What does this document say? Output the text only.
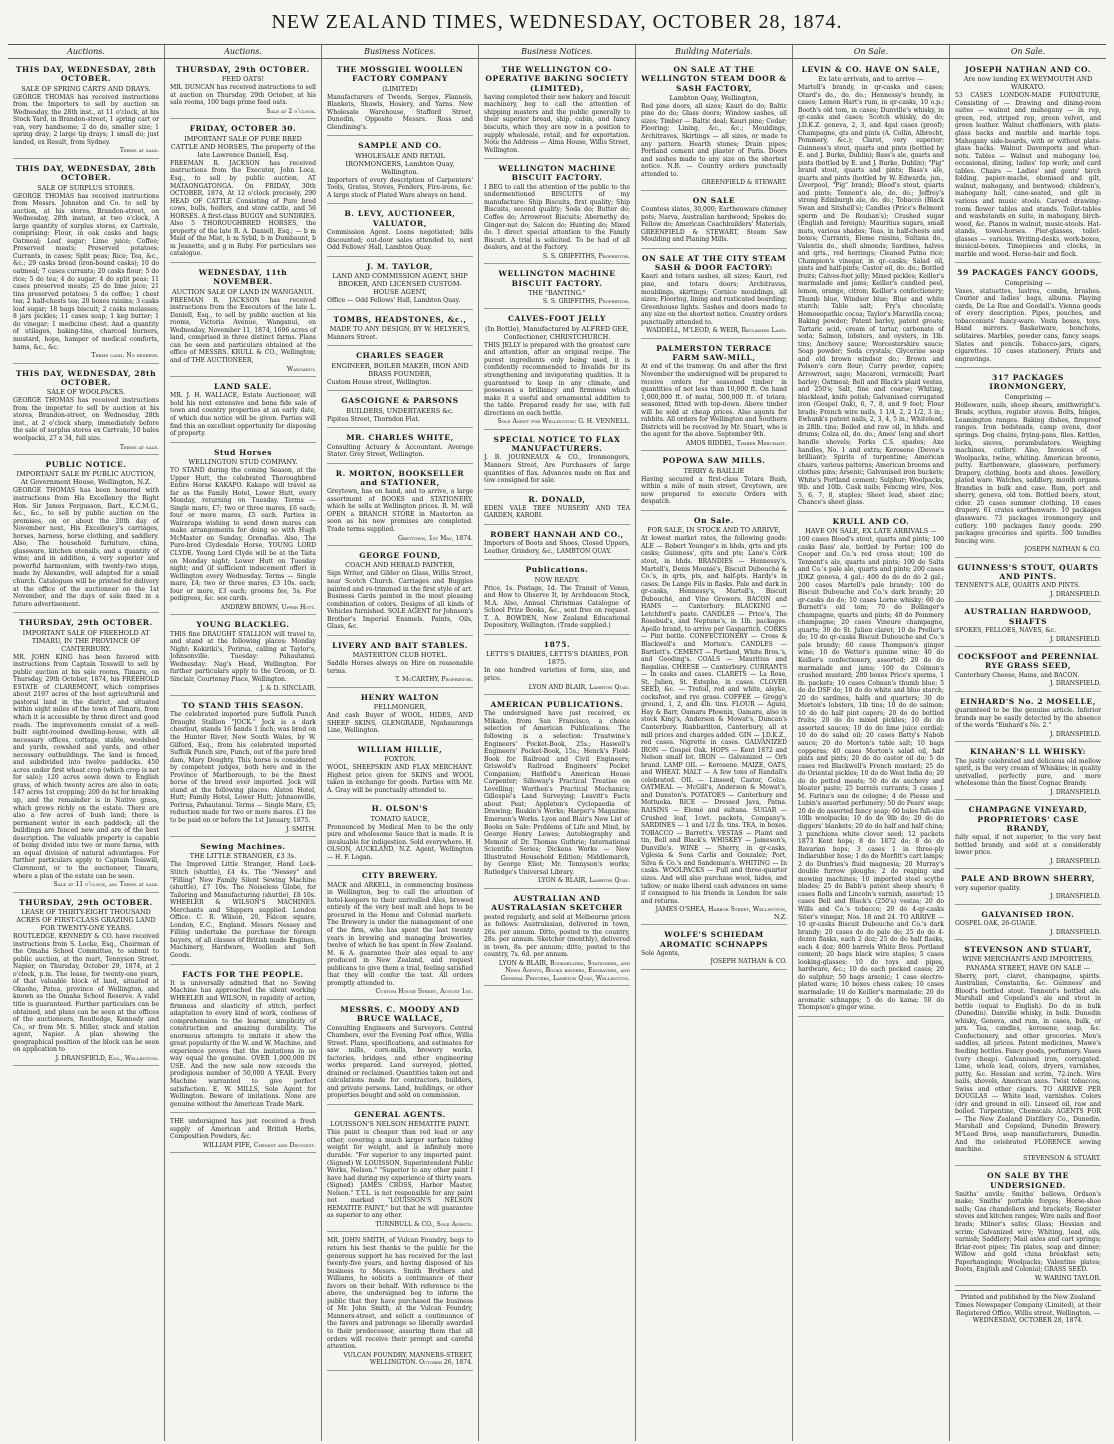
NEW ZEALAND TIMES, WEDNESDAY, OCTOBER 28, 1874.
Auctions.
THIS DAY, WEDNESDAY, 28th OCTOBER.
SALE OF SPRING CARTS AND DRAYS.
GEORGE THOMAS has received instructions from the Importers to sell by auction on Wednesday, the 28th inst., at 11 o'clock, at his Stock Yard, in Brandon-street, 1 spring cart or van, very handsome; 2 do do, smaller size; 1 spring dray; 2 large tip drays; 1 small do; just landed, ex Result, from Sydney.
Terms at sale.
THIS DAY, WEDNESDAY, 28th OCTOBER.
SALE OF SURPLUS STORES.
GEORGE THOMAS has received instructions from Messrs. Johnston and Co. to sell by auction, at his stores, Brandon-street, on Wednesday, 28th instant, at two o'clock, A large quantity of surplus stores, ex Cartvale, comprising: Flour, in oak casks and bags; Oatmeal; Loaf sugar; Lime juice; Coffee; Preserved meats; Preserved potatoes; Currants, in cases; Split peas; Rice; Tea, &c., &c.; 29 casks bread (iron-bound casks); 10 do oatmeal; 7 cases currants; 20 casks flour; 5 do rice; 5 do tea; 4 do sugar; 4 do split peas; 11 cases preserved meats; 25 do lime juice; 21 tins preserved potatoes; 5 do coffee; 1 chest tea; 2 half-chests tea; 20 boxes raisins; 3 casks loaf sugar; 18 bags biscuit; 2 casks molasses; 8 jars pickles; 11 cases soap; 1 keg butter; 1 do vinegar; 1 medicine chest. And a quantity of utilages, baking-tins, charcoal burners, mustard, hops, hamper of medical comforts, hams, &c., &c.
Terms cash. No reserve.
THIS DAY, WEDNESDAY, 28th OCTOBER.
SALE OF WOOLPACKS.
GEORGE THOMAS has received instructions from the importer to sell by auction at his stores, Brandon-street, on Wednesday, 28th inst., at 2 o'clock sharp, immediately before the sale of surplus stores ex Cartvale, 10 bales woolpacks, 27 x 34, full size.
Terms at sale.
PUBLIC NOTICE.
IMPORTANT SALE BY PUBLIC AUCTION, At Government House, Wellington, N.Z.
GEORGE THOMAS has been honored with instructions from His Excellency the Right Hon. Sir James Fergusson, Bart., K.C.M.G., &c., &c., to sell by public auction on the premises, on or about the 20th day of November next, His Excellency's carriages, horses, harness, horse clothing, and saddlery. Also, The household furniture, china, glassware, kitchen utensils, and a quantity of wine; and in addition, a very superior and powerful harmonium, with twenty-two stops, made by Alexandre, well adapted for a small church. Catalogues will be printed for delivery at the office of the auctioneer on the 1st November, and the days of sale fixed in a future advertisement.
THURSDAY, 29th OCTOBER.
IMPORTANT SALE OF FREEHOLD AT TIMARU, IN THE PROVINCE OF CANTERBURY.
MR. JOHN KING has been favored with instructions from Captain Tosswill to sell by public auction at his sale rooms, Timaru, on Thursday, 29th October, 1874, his FREEHOLD ESTATE of CLAREMONT, which comprises about 2197 acres of the best agricultural and pastoral land in the district, and situated within eight miles of the town of Timaru, from which it is accessible by three direct and good roads. The improvements consist of a well-built eight-roomed dwelling-house, with all necessary offices, cottage, stable, woolshed and yards, cowshed and yards, and other necessary outbuildings. The land is fenced, and subdivided into twelve paddocks. 450 acres under first wheat crop (which crop is not for sale); 120 acres sown down to English grass, of which twenty acres are also in oats; 147 acres 1st cropping; 200 do lst for breaking up, and the remainder is in Native grass, which grows richly on the estate. There are also a few acres of bush land; there is permanent water in each paddock; all the buildings are fenced new and are of the best description. The valuable property is capable of being divided into two or more farms, with an equal division of natural advantages. For further particulars apply to Captain Tosswill, Claremont, or to the auctioneer, Timaru, where a plan of the estate can be seen.
Sale at 11 o'clock, am. Terms at sale.
THURSDAY, 29th OCTOBER.
LEASE OF THIRTY-EIGHT THOUSAND ACRES OF FIRST-CLASS GRAZING LAND FOR TWENTY-ONE YEARS.
ROUTLEDGE, KENNEDY & CO. have received instructions from S. Locke, Esq., Chairman of the Omaha School Committee, to submit to public auction, at the mart, Tennyson Street, Napier, on Thursday, October 29, 1874, at 2 o'clock, p.m. The lease, for twenty-one years, of that valuable block of land, situated at Okaoho, Patea, province of Wellington, and known as the Omaha School Reserve. A valid title is guaranteed. Further particulars can be obtained, and plans can be seen at the offices of the auctioneers, Routledge, Kennedy and Co., or from Mr. S. Miller, stock and station agent, Napier. A plan showing the geographical position of the block can be seen on application to
J. DRANSFIELD, Esq., Wellington.
Auctions.
THURSDAY, 29th OCTOBER.
FEED OATS!
MR. DUNCAN has received instructions to sell at auction on Thursday, 29th October, at his sale rooms, 100 bags prime feed oats.
Sale at 2 o'clock.
FRIDAY, OCTOBER 30.
IMPORTANT SALE OF PURE BRED CATTLE AND HORSES, The property of the late Lawrence Daniell, Esq.
FREEMAN R. JACKSON has received instructions from the Executor, John Loca, Esq., to sell by public auction, AT MATAONGATONGA. On FRIDAY, 30th OCTOBER, 1874, At 12 o'clock precisely, 290 HEAD OF CATTLE Consisting of Pure bred cows, bulls, heifers, and store cattle, and 56 HORSES. A first-class BUGGY and SUNDRIES. Also 5 THOROUGHBRED HORSES, the property of the late R. A. Daniell, Esq.; — b m Maid of the Mist, b m Sybil, b m Dumbaunt, b m Jeanette, and g m Ruby. For particulars see catalogue.
WEDNESDAY, 11th NOVEMBER.
AUCTION SALE OF LAND IN WANGANUI.
FREEMAN R. JACKSON has received instructions from the Executors of the late L. Daniell, Esq., to sell by public auction at his rooms, Victoria Avenue, Wanganui, on Wednesday, November 11, 1874, 1696 acres of land, comprised in three distinct farms. Plans can be seen and particulars obtained at the office of MESSRS. KRULL & CO., Wellington; and of THE AUCTIONEER,
Wanganui.
LAND SALE.
MR. J. H. WALLACE, Estate Auctioneer, will hold his next extensive and bona fide sale of town and country properties at an early date, of which due notice will be given. Parties will find this an excellent opportunity for disposing of property.
Stud Horses
WELLINGTON STUD COMPANY.
TO STAND during the coming Season, at the Upper Hutt, the celebrated Thoroughbred Entire Horse KAKAPO. Kakapo will travel as far as the Family Hotel, Lower Hutt, every Monday, returning on Tuesday. Terms — Single mare, £7; two or three mares, £6 each; four or more mares, £5 each. Parties in Wairarapa wishing to send down mares can make arrangements for doing so with Hugh McMaster on Sunday, Grenaflas. Also, The Pure-bred Clydesdale Horse, YOUNG LORD CLYDE. Young Lord Clyde will be at the Taita on Monday night; Lower Hutt on Tuesday night; and (if sufficient inducement offer) in Wellington every Wednesday. Terms — Single mare, £4; two or three mares, £3 10s. each; four or more, £3 each; grooms fee, 5s. For pedigrees, &c. see cards.
ANDREW BROWN, Upper Hutt.
YOUNG BLACKLEG.
THIS fine DRAUGHT STALLION will travel to, and stand at the following places: Monday Night: Kokiriki's, Porirua, calling at Taylor's, Johnsonville. Tuesday: Pahautanui. Wednesday: Nag's Head, Wellington. For further particulars apply to the Groom, or D. Sinclair, Courtenay Place, Wellington.
J. & D. SINCLAIR.
TO STAND THIS SEASON.
The celebrated imported pure Suffolk Punch Draught Stallion "JOCK." Jock is a dark chestnut, stands 16 hands 1 inch; was bred on the Hunter River, New South Wales, by W. Gilford, Esq., from his celebrated imported Suffolk Punch sire, Punch, out of the pure bred dam, Mary Doughty. This horse is considered by competent judges, both here and in the Province of Marlborough, to be the finest horse of the breed ever imported. Jock will stand at the following places: Alston Hotel, Hutt; Family Hotel, Lower Hutt; Johnsonville, Porirua, Pahautanui. Terms — Single Mare, £5; reduction made for two or more mares. £1 fee to be paid on or before the 1st January, 1875.
J. SMITH.
Sewing Machines.
THE LITTLE STRANGER, £3 3s.
The Improved Little Stranger, Hand Lock-Stitch (shuttle), £4 4s. The "Nessey" and "Filling" New Family Silent Sewing Machine (shuttle), £7 10s. The Noiseless Globe, for Tailoring and Manufacturing (shuttle), £8 10s. WHEELER & WILSON'S MACHINES. Merchants and Shippers supplied. London Office: C. R. Wilson, 20, Falcon square, London, E.C., England. Messrs Nessey and Filling undertake the purchase for foreign buyers, of all classes of British made Engines, Machinery, Hardware, Woollen and Soft Goods.
FACTS FOR THE PEOPLE.
It is universally admitted that no Sewing Machine has approached the silent working WHEELER and WILSON, in rapidity of action, firmness and elasticity of stitch, perfect adaptation to every kind of work, coolness of comprehension to the learner, simplicity of construction and amazing durability. The enormous attempts to imitate it show the great popularity of the W. and W. Machine, and experience proves that the imitations in no way equal the genuine. OVER 1,000,000 IN USE. And the new sale now exceeds the prodigious number of 50,000 A YEAR. Every Machine warranted to give perfect satisfaction. E. W. MILLS, Sole Agent for Wellington. Beware of imitations. None are genuine without the American Trade Mark.
THE undersigned has just received a fresh supply of American and British Herbs, Composition Powders, &c.
WILLIAM FIFE, Chemist and Druggist.
Business Notices.
THE MOSSGIEL WOOLLEN FACTORY COMPANY
(LIMITED)
Manufacturers of Tweeds, Serges, Flannels, Blankets, Shawls, Hosiery, and Yarns. New Wholesale Warehouse, Stafford Street, Dunedin, Opposite Messrs. Ross and Glendining's.
SAMPLE AND CO.
WHOLESALE AND RETAIL IRONMONGERS, Lambton Quay, Wellington.
Importers of every description of Carpenters' Tools, Grates, Stoves, Fenders, Fire-irons, &c. A large stock of Plated Ware always on hand.
B. LEVY, AUCTIONEER, VALUATOR,
Commission Agent. Loans negotiated; bills discounted; out-door sales attended to, next Odd Fellows' Hall, Lambton Quay.
J. M. TAYLOR,
LAND AND COMMISSION AGENT, SHIP BROKER, AND LICENSED CUSTOM-HOUSE AGENT,
Office — Odd Fellows' Hall, Lambton Quay.
TOMBS, HEADSTONES, &c.,
MADE TO ANY DESIGN, BY W. HELYER'S,
Manners Street.
CHARLES SEAGER
ENGINEER, BOILER MAKER, IRON AND BRASS FOUNDER,
Custom House street, Wellington.
GASCOIGNE & PARSONS
BUILDERS, UNDERTAKERS &c.
Pipitea Street, Thorndon Flat.
MR. CHARLES WHITE,
Consulting Actuary & Accountant. Average Stater. Grey Street, Wellington.
R. MORTON, BOOKSELLER and STATIONER,
Greytown, has on hand, and to arrive, a large assortment of BOOKS and STATIONERY, which he sells at Wellington prices. R. M. will OPEN a BRANCH STORE in Masterton as soon as his new premises are completed. Trade terms supplied.
Greytown, 1st May, 1874.
GEORGE FOUND,
COACH AND HERALD PAINTER,
Sign Writer, and Gilder on Glass, Willis Street, near Scotch Church. Carriages and Buggies painted and re-trimmed in the first style of art. Business Cards painted in the most pleasing combination of colors. Designs of all kinds of Vehicles furnished. SOLE AGENT for Johnson's Brother's Imperial Enamels. Paints, Oils, Glass, &c.
LIVERY AND BAIT STABLES.
MASTERTON CLUB HOTEL.
Saddle Horses always on Hire on reasonable terms.
T. McCARTHY, Proprietor.
HENRY WALTON
FELLMONGER,
And cash Buyer of WOOL, HIDES, AND SHEEP SKINS, GLENGRADE, Ngahauranga Line, Wellington.
WILLIAM HILLIE,
FOXTON.
WOOL, SHEEPSKIN AND FLAX MERCHANT. Highest price given for SKINS and WOOL taken in exchange for goods. Parties with Mr. A. Gray will be punctually attended to.
H. OLSON'S
TOMATO SAUCE,
Pronounced by Medical Men to be the only pure and wholesome Sauce that is made. It is invaluable for indigestion. Sold everywhere. H. OLSON, AUCKLAND, N.Z. Agent, Wellington — H. F. Logan.
CITY BREWERY.
MACK and ARKELL, in commencing business in Wellington, beg to call the attention of hotel-keepers to their unrivalled Ales, brewed entirely of the very best malt and hops to be procured in the Home and Colonial markets. The Brewery is under the management of one of the firm, who has spent the last twenty years in brewing and managing breweries, twelve of which he has spent in New Zealand. M. & A. guarantee their ales equal to any produced in New Zealand, and request publicans to give them a trial, feeling satisfied that they will confer the test. All orders promptly attended to.
Custom House Street, August 1st.
MESSRS. C. MOODY AND BRUCE WALLACE,
Consulting Engineers and Surveyors. Central Chambers, over the Evening Post office, Willis Street. Plans, specifications, and estimates for saw mills, corn-mills, brewery works, factories, bridges, and other engineering works prepared. Land surveyed, plotted, drained or reclaimed. Quantities taken out and calculations made for contractors, builders, and private persons. Land, buildings, or other properties bought and sold on commission.
GENERAL AGENTS.
LOUISSON'S NELSON HEMATITE PAINT.
This paint is cheaper than red lead or any other, covering a much larger surface taking weight for weight, and is infinitely more durable. "For superior to any imported paint. (Signed) W. LOUISSON, Superintendent Public Works, Nelson." "Superior to any other paint I have had during my experience of thirty years. (Signed) JAMES CROSS, Harbor Master, Nelson." T.T.L. is not responsible for any paint not marked "LOUISSON'S NELSON HEMATITE PAINT," but that he will guarantee as superior to any other.
TURNBULL & CO., Sole Agents.
MR. JOHN SMITH, of Vulcan Foundry, begs to return his best thanks to the public for the generous support he has received for the last twenty-five years, and having disposed of his business to Messrs. Smith Brothers and Williams, he solicits a continuance of their favors on their behalf. With reference to the above, the undersigned beg to inform the public that they have purchased the business of Mr. John Smith, at the Vulcan Foundry, Manners-street, and solicit a continuance of the favors and patronage so liberally awarded to their predecessor, assuring them that all orders will receive their prompt and careful attention.
VULCAN FOUNDRY, MANNERS-STREET, WELLINGTON. October 26, 1874.
Business Notices.
THE WELLINGTON CO-OPERATIVE BAKING SOCIETY (LIMITED),
having completed their new bakery and biscuit machinery, beg to call the attention of shipping masters and the public generally to their superior bread, ship, cabin, and fancy biscuits, which they are now in a position to supply wholesale, retail, and for exportation. Note the Address — Alma House, Willis Street, Wellington.
WELLINGTON MACHINE BISCUIT FACTORY.
I BEG to call the attention of the public to the undermentioned BISCUITS of my manufacture: Ship Biscuits, first quality; Ship Biscuits, second quality; Soda do; Butter do; Coffee do; Arrowroot Biscuits; Abernethy do; Ginger-nut do; Salcon do; Hunting do; Mixed do. I direct special attention to the Family Biscuit. A trial is solicited. To be had of all dealers, and at the Factory.
S. S. GRIFFITHS, Proprietor.
WELLINGTON MACHINE BISCUIT FACTORY.
THE "BANTING."
S. S. GRIFFITHS, Proprietor.
CALVES-FOOT JELLY
(In Bottle), Manufactured by ALFRED GEE, Confectioner, CHRISTCHURCH.
THIS JELLY is prepared with the greatest care and attention, after an original recipe. The purest ingredients only being used, it is confidently recommended to Invalids for its strengthening and invigorating qualities. It is guaranteed to keep in any climate, and possesses a brilliancy and firmness which make it a useful and ornamental addition to the table. Prepared ready for use, with full directions on each bottle.
Sole Agent for Wellington: G. H. VENNELL.
SPECIAL NOTICE TO FLAX MANUFACTURERS.
J. B. JOURNEAUX & CO., Ironmongers, Manners Street, Are Purchasers of large quantities of flax. Advances made on flax and tow consigned for sale.
R. DONALD,
EDEN VALE TREE NURSERY AND TEA GARDEN, KAROBI.
ROBERT HANNAH AND CO.,
Importers of Boots and Shoes, Closed Uppers, Leather, Grindery, &c., LAMBTON QUAY.
Publications.
NOW READY.
Price, 1s. Postage, 1d. The Transit of Venus, and How to Observe It, by Archdeacon Stock, M.A. Also, Annual Christmas Catalogue of School Prize Books, &c., sent free on request. T. A. BOWDEN, New Zealand Educational Depository, Wellington. (Trade supplied.)
1875.
LETTS'S DIARIES, LETTS'S DIARIES, FOR 1875.
In one hundred varieties of form, size, and price.
LYON AND BLAIR, Lambton Quay.
AMERICAN PUBLICATIONS.
The undersigned have just received, ex Mikado, from San Francisco, a choice selection of American Publications. The following is a selection: Trautwine's Engineers' Pocket-Book, 25s.; Haswell's Engineers' Pocket-Book, 15s.; Henck's Field-Book for Railroad and Civil Engineers; Griswold's Railroad Engineers' Pocket Companion; Hatfield's American House Carpenter; Silloway's Practical Treatise on Levelling; Worthen's Practical Mechanics; Gillespie's Land Surveying; Leavitt's Facts about Peat; Appleton's Cyclopaedia of Drawing; Ruskin's Works; Harper's Magazine; Emerson's Works. Lyon and Blair's New List of Books on Sale: Problems of Life and Mind, by George Henry Lewes; Autobiography and Memoir of Dr. Thomas Guthrie; International Scientific Series; Dickens Works — New Illustrated Household Edition; Middlemarch, by George Eliot; Mr. Tennyson's works; Rutledge's Universal Library.
LYON & BLAIR, Lambton Quay.
AUSTRALIAN AND AUSTRALASIAN SKETCHER
posted regularly, and sold at Melbourne prices as follows: Australasian, delivered in town, 26s. per annum. Ditto, posted to the country, 28s. per annum. Sketcher (monthly), delivered in town, 8s. per annum; ditto, posted to the country, 7s. 6d. per annum.
LYON & BLAIR, Booksellers, Stationers, and News Agents, Books binders, Engravers, and General Printers, Lambton Quay, Wellington.
Building Materials.
ON SALE AT THE WELLINGTON STEAM DOOR & SASH FACTORY,
Lambton Quay, Wellington,
Red pine doors, all sizes; Kauri do do; Baltic pine do do; Glass doors; Window sashes, all sizes; Timber — Baltic deal; Kauri pine; Cedar; Flooring; Lining, &c., &c.; Mouldings, Architraves, Skirtings — all sizes, or made to any pattern. Hearth stones; Drain pipes; Portland cement and plaster of Paris. Doors and sashes made to any size on the shortest notice. N.B. — Country orders punctually attended to.
GREENFIELD & STEWART.
ON SALE
Countess slates, 30,000; Earthenware chimney pots; Narva, Australian hardwood; Spokes do; Fellow do; American Coachbuilders' Materials, GREENFIELD & STEWART, Steam Saw Moulding and Planing Mills.
ON SALE AT THE CITY STEAM SASH & DOOR FACTORY:
Kauri and totara sashes, all sizes; Kauri, red pine, and totara doors; Architraves, mouldings, skirtings; Cornice mouldings, all sizes; Flooring, lining and rusticated boarding; Greenhouse lights. Sashes and doors made to any size on the shortest notice. Country orders punctually attended to.
WADDELL, M'LEOD, & WEIR, Reclaimed Land.
PALMERSTON TERRACE FARM SAW-MILL,
At end of the tramway. On and after the first November the undersigned will be prepared to receive orders for seasoned timber in quantities of not less than 10,000 ft. On hand 1,000,000 ft. of matai, 500,000 ft. of totara; seasoned, fitted with top-down. Above timber will be sold at cheap prices. Also agents for rabbits. All orders for Wellington and Southern Districts will be received by Mr. Stuart, who is the agent for the above. September 9th.
AMOS RIDDEL, Timber Merchant.
POPOWA SAW MILLS.
TERRY & BAILLIE
Having secured a first-class Totara Bush, within a mile of main street, Greytown, are now prepared to execute Orders with despatch.
On Sale.
FOR SALE, IN STOCK AND TO ARRIVE,
At lowest market rates, the following goods: ALE — Robert Younger's in hhds, qrts and pts casks; Guinness', qrts and pts; Lane's Cork stout, in hhds. BRANDIES — Hennessy's, Martell's, Denis Mounié's, Biscuit Dubouché & Co.'s, in qrts, pts, and half-pts. Hardy's in cases. De Lange Fils in flasks. Pale and dark in qr-casks, Hennessy's, Martell's, Biscuit Dubouché, and Vine Growers. BACON and HAMS — Canterbury. BLACKING — Letchford's paste. CANDLES — Price's, The Rosebud's, and Neptune's, in 1lb. packages. Apollo brand, to arrive per Gasparitch. CORKS — Pint bottle. CONFECTIONERY — Cross & Blackwell's and Morton's. CANDLES — Bartlett's. CEMENT — Portland, White Bros.'s, and Gooding's. COALS — Mauritius and Regalias. CHEESE — Canterbury. CURRANTS — In casks and cases. CLARETS — La Rose, St. Julien, St. Estephe, in cases. CLOVER SEED, &c. — Trefoil, red and white, alsyke, cocksfoot, and rye grass. COFFEE — Gregg's ground, 1, 2, and 4lb. tins. FLOUR — Aguni, Hay & Barr, Oamaru Phoenix, Oamaru, also in stock King's, Anderson & Mowat's, Duncan's Canterbury. Riabbarilton, Canterbury, all at mill prices and charges added. GIN — J.D.K.Z., red cases. Nigrette in cases. GALVANIZED IRON — Gospel Oak. HOPS — Kent 1872 and Nelson small lot. IRON — Galvanized — Orb brand. LAMP OIL — Kerosene. MAIZE, OATS, and WHEAT. MALT — A few tons of Randall's celebrated. OIL — Linseed, Castor, Colza. OATMEAL — McGill's, Anderson & Mowat's, and Dunston's. POTATOES — Canterbury and Mottueka. RICE — Dressed Java, Patna. RAISINS — Elemé and sultana. SUGAR — Crushed loaf, 1cwt. packets, Company's. SARDINES — 1 and 1/2 lb. tins. TEA, in boxes. TOBACCO — Barrett's. VESTAS — Plaint and tin, Bell and Black's. WHISKEY — Jameson's, Dunville's. WINE — Sherry, in qr-casks, Vglesia & Sons Carlis and Gonzalez; Port, Silva & Co.'s and Sandeman's. WHITING — In casks. WOOLPACKS — Full and three-quarter sizes. And will also purchase wool, hides, and tallow; or make liberal cash advances on same if consigned to his friends in London for sale and returns.
JAMES O'SHEA, Harbor Street, Wellington, N.Z.
WOLFE'S SCHIEDAM AROMATIC SCHNAPPS
Sole Agents,
JOSEPH NATHAN & CO.
On Sale.
LEVIN & CO. HAVE ON SALE,
Ex late arrivals, and to arrive —
Martell's brandy, in qr-casks and cases; Otard's do., do. do.; Hennessy's brandy, in cases; Lemon Hart's rum, in qr-casks, 10 o.p.; Booth's old tom, in cases; Dunville's whisky, in qr-casks and cases; Scotch whisky, do do; J.D.K.Z. geneva, 2, 3, and 4gal cases (proof); Champagne, qts and pints (A. Collin, Albrecht, Pommery, &c.); Claret, very superior; Guinness's stout, quarts and pints (bottled by E. and J. Burke, Dublin); Bass's ale, quarts and pints (bottled by E. and J. Burke, Dublin); "Pig" brand stout, quarts and pints; Bass's ale, quarts and pints (bottled by W. Edwards, jun., Liverpool, "Pig" brand); Blood's stout, quarts and pints; Tennent's ale, do. do.; Jeffrey's strong Edinburgh ale, do. do.; Tobacco (Black Swan and Sitshell's); Candles (Price's Belmont sperm and De Rouban's); Crushed sugar (English and foreign); Mauritius sugars, small mats, various shades; Teas, in half-chests and boxes; Currants, Eleme raisins, Sultana do., Valentia do., shell almonds; Sardines, halves and qrts., red herrings; Cleaned Patna rice; Champion's vinegar, in qr.-casks; Salad oil, pints and half-pints; Castor oil, do. do.; Bottled fruits; Calves-foot jelly; Mixed pickles; Keiller's marmalade and jams; Keiller's candied peel, lemon, orange, citron; Keiller's confectionery; Thumb blue, Windsor blue; Blue and white starch; Table salt; Fry's chocolate; Homoeopathic cocoa; Taylor's Maravilla cocoa; Baking powder; Patent barley, patent groats; Tartaric acid, cream of tartar, carbonate of soda; Salmon, lobsters, and oysters, in 1lb. tins; Anchovy sauce; Worcestershire sauce; Soap powder; Soda crystals; Glycerine soap and old brown windsor do.; Brown and Polson's corn flour; Curry powder, capers; Arrowroot, sago; Macaroni, vermicelli; Pearl barley; Oatmeal; Bell and Black's plaid vestas, and 250's; Salt, fine and coarse; Whiting, blacklead, knife polish; Galvanised corrugated iron (Gospel Oak), 6, 7, 8, and 9 feet; Flour brads; French wire nails, 1 1/4, 2, 2 1/2, 3 in.; Ewbank's patent nails, 2, 3, 4, 5 in.; Whitelead, in 28lb. tins; Boiled and raw oil, in hhds. and drums; Colza oil, do. do.; Ames' long and short handle shovels; Forks C.S. spades; Axe handles, No. 1 and extra; Kerosene (Devoe's brilliant); Spirits of turpentine; American chairs, various patterns; American brooms and clothes pins; Arsenic; Galvanised iron buckets; White's Portland cement; Sulphur; Woolpacks, 9lb. and 10lb. Cask nails; Fencing wire, Nos. 5, 6, 7, 8, staples; Sheet lead, sheet zinc; Chance's sheet glass.
KRULL AND CO.
HAVE ON SALE, EX LATE ARRIVALS —
100 cases Blood's stout, quarts and pints; 100 casks Bass' ale, bottled by Porter; 100 do Cooper and Co.'s red cross stout; 100 do Tennent's ale, quarts and pints; 100 do Salts and Co.'s pale ale, quarts and pints; 200 cases JDKZ geneva, 4 gal.; 400 do do do do 2 gal.; 200 cases Martell's pale brandy; 100 do Biscuit Dubouche and Co.'s dark brandy; 20 qr-casks do do; 10 cases Lorne whisky; 60 do Burnett's old tom; 70 do Bollinger's champagne, quarts and pints; 40 do Pommery champagne; 20 cases Vineure champagne, quarts; 30 do St. Julien claret; 10 do Preller's do; 10 do qr-casks Biscuit Dubouche and Co.'s pale brandy; 60 cases Thompson's ginger wine; 10 do Wetter's quinine wine; 40 do Keiller's confectionery, assorted; 20 do do marmalade and jams; 100 do Colman's crushed mustard; 200 boxes Price's sperms, 1 lb. packets; 10 cases Colman's thumb blue; 5 do do DSF do; 10 do do white and blue starch; 20 do sardines, halfs and quarters; 30 do Morton's lobsters, 1lb tins; 10 do do salmon; 10 do do half pint capers; 20 do do bottled fruits; 20 do do mixed pickles; 10 do do assorted sauces; 10 do do lime juice cordial; 10 do do salad oil; 20 cases Batty's Nabob sauce; 20 do Morton's table salt; 10 bags copperas; 40 cases Morton's salad oil, half pints and pints; 20 do do castor oil do; 5 do cases red Blackwell's French mustard; 25 do do Oriental pickles; 10 do do West India do; 20 do do potted meats; 50 do do anchovy and bloater paste; 25 barrels currants; 3 cases J. M. Farina's eau de cologne; 4 do Piesse and Lubin's assorted perfumery; 50 do Pears' soap; 20 do do assorted fancy soap; 60 bales full-size 10lb woolpacks; 10 do do 9lb do; 20 do do diggers' blankets; 20 do do half and half china; 3 punchions white clover seed; 12 packets 1873 Kent hops; 8 do 1872 do; 8 do do Bavarian hops; 3 cases 1 in three-ply Indiarubber hose; 1 do do Morfitt's cart lamps; 2 do Dunfries's fluid magnesia; 20 Murray's double furrow ploughs; 2 do reaping and mowing machines; 10 imported steel scythe blades; 25 do Babb's patent sheep shears; 6 cases Rolls and Lincoln's varnish, assorted; 15 cases Bell and Black's (250's) vestas; 20 do Wills and Co.'s tobacco; 20 do 4-qr-casks Siter's vinegar, Nos. 18 and 24. TO ARRIVE — 10 qr-casks Biscuit Dubouche and Co.'s dark brandy; 20 cases do do pale do; 25 do do 4-dozen flasks, each 2 doz; 25 do do half flasks, each 4 doz; 800 barrels White Bros. Portland cement; 20 bags black wire staples; 5 cases looking-glasses; 10 do toys and pipes, hardware, &c.; 10 do each pecked cases; 20 do sulphur; 50 bags arsenic; 1 case electro-plated ware; 10 boxes chess cakes; 10 cases marmalade; 10 do Keiller's marmalade; 20 do aromatic schnapps; 5 do do kama; 50 do Thompson's ginger wine.
On Sale.
JOSEPH NATHAN AND CO.
Are now landing EX WEYMOUTH AND WAIKATO.
53 CASES LONDON-MADE FURNITURE, Consisting of — Drawing and dining-room suites — walnut and mahogany — in rep, green, red, striped rep, green velvet, and green leather. Walnut cheffoniers, with plate-glass backs and marble and marble tops. Mahogany side-boards, with or without plate-glass backs. Walnut Davenports and what-nots. Tables — Walnut and mahogany loo, occasional, dining, ladies' top work; and card tables. Chairs — Ladies' and gents' birch folding, papier-maché, ebonised and gilt, walnut, mahogany, and bentwood; children's, mahogany hall, cane-seated, and gilt in various and music stools. Carved drawing-room flower tables and stands. Toilet-tables and washstands en suite, in mahogany, birch-wood, &c. Pianos in walnut, music-stools. Hat-stands, towel-horses. Pier-glasses, toilet-glasses — various. Writing-desks, work-boxes, musical-boxes. Timepieces and clocks, in marble and wood. Horse-hair and flock.
59 PACKAGES FANCY GOODS,
Comprising —
Vases, statuettes, lustres, combs, brushes. Courier and ladies' bags, albums. Playing cards, De La Rue and Goodall's. Vienna goods of every description. Pipes, pouches, and tobacconists' fancy-ware. Vesta boxes, toys. Hand mirrors. Basketware, bonchons, solitaires. Marbles, powder cans, fancy soaps. Slates and pencils. Tobacco-jars, cigars, cigarettes. 10 cases stationery. Prints and engravings.
317 PACKAGES IRONMONGERY,
Comprising —
Holloware, nails, sheep shears, smithwright's. Brads, scythes, register stoves. Bolts, hinges, Leamington ranges. Baking dishes, fireproof ranges. Iron bedsteads, camp ovens, door springs. Dog chains, frying-pans, files. Kettles, locks, sieves, perambulators. Weighing machines, cutlery. Also, Invoices of — Woolpacks, twine, whiting. American brooms, putty. Earthenware, glassware, perfumery. Drapery, clothing, boots and shoes. Jewellery, plated ware. Watches, saddlery, mouth organs. Brandies in bulk and case. Rum, port and sherry, geneva, old tom. Bottled beers, stout, cider. 25 cases summer clothing. 10 cases drapery. 61 crates earthenware. 10 packages glassware. 73 packages ironmongery and cutlery. 100 packages fancy goods. 290 packages groceries and spirits. 300 bundles fencing wire.
JOSEPH NATHAN & CO.
GUINNESS'S STOUT, QUARTS AND PINTS.
TENNENT'S ALE, QUARTS AND PINTS.
J. DRANSFIELD.
AUSTRALIAN HARDWOOD, SHAFTS
SPOKES, FELLOES, NAVES, &c.
J. DRANSFIELD.
COCKSFOOT and PERENNIAL RYE GRASS SEED,
Canterbury Cheese, Hams, and BACON.
J. DRANSFIELD.
EINHARD'S No. 2 MOSELLE,
guaranteed to be the genuine article. Inferior brands may be easily detected by the absence of the words "Einhard's No. 2."
J. DRANSFIELD.
KINAHAN'S LL WHISKY:
The justly celebrated and delicious old mellow spirit, is the very cream of Whiskies; in quality unrivalled, perfectly pure, and more wholesome than the finest Cognac Brandy.
J. DRANSFIELD.
CHAMPAGNE VINEYARD, PROPRIETORS' CASE BRANDY,
fully equal, if not superior, to the very best bottled brandy, and sold at a considerably lower price.
J. DRANSFIELD.
PALE AND BROWN SHERRY,
very superior quality.
J. DRANSFIELD.
GALVANISED IRON.
GOSPEL OAK, 26-GUAGE.
J. DRANSFIELD.
STEVENSON AND STUART,
WINE MERCHANTS AND IMPORTERS, PANAMA STREET, HAVE ON SALE —
Sherry, port, claret, champagne, spirits. Australian, Constantia, &c. Guinness' and Blood's bottled stout. Tennent's bottled ale. Marshall and Copeland's ale and stout in bottle (equal to English). Do do in bulk (Dunedin). Danville whisky, in bulk. Dunedin whisky, Geneva, and rum, in cases, bulk, or jars. Tea, candles, kerosene, soap, &c. Confectionery, and other groceries. Men's saddles, all prices. Patent medicines, Mawe's feeding bottles. Fancy goods, perfumery. Vases (very cheap). Galvanised iron, corrugated. Lime, whole lead, colors, dryers, varnishes, putty, &c. Hessian and scrim, 72-inch. Wire nails, shovels, American axes. Twist tobaccos, Swiss and other cigars. TO ARRIVE PER DOUGLAS — White lead, varnishes. Colors (dry and ground in oil). Linseed oil, raw and boiled. Turpentine, Chemicals. AGENTS FOR — The New Zealand Distillery Co., Dunedin. Marshall and Copeland, Dunedin Brewery. M'Leod Bros, soap manufacturers, Dunedin. And the celebrated FLORENCE sewing machine.
STEVENSON & STUART.
ON SALE BY THE UNDERSIGNED.
Smiths' anvils; Smiths' bellows, Ordson's make; Smiths' portable forges; Horse-shoe nails; Gas chandeliers and brackets; Register stoves and kitchen ranges; Wire nails and floor brads; Milner's safes; Glass; Hessian and scrim; Galvanized wire; Whiting, lead, oils, varnish; Saddlery; Mail axles and cart springs; Briar-root pipes; Tin plates, soap and dinner; Willow and gold china breakfast sets; Paperhangings; Woolpacks; Valentine plates; Boots, English and Colonial; GRASS SEED.
W. WARING TAYLOR.
Printed and published by the New Zealand Times Newspaper Company (Limited), at their Registered Office, Willis street, Wellington. — WEDNESDAY, OCTOBER 28, 1874.
